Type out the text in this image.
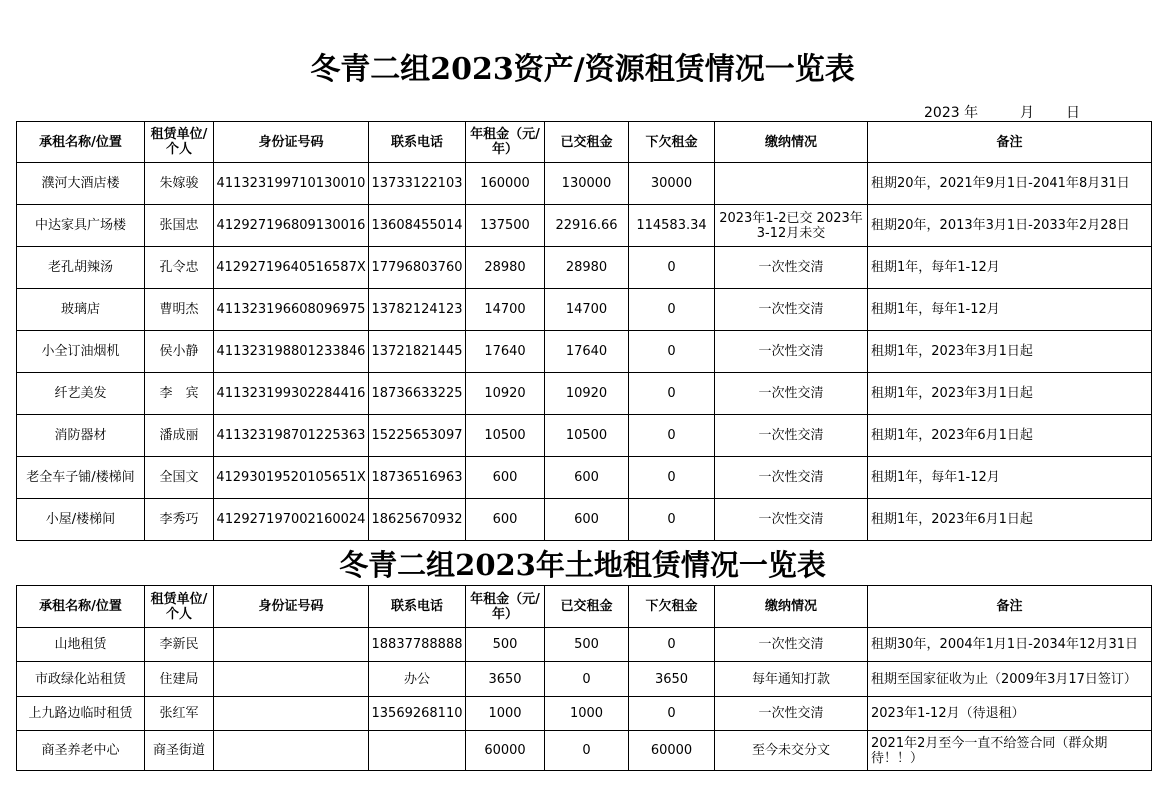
冬青二组2023资产/资源租赁情况一览表
2023 年	月 日
承租名称/位置	租赁单位/个人	身份证号码	联系电话	年租金（元/年）	已交租金	下欠租金	缴纳情况	备注
濮河大酒店楼	朱嫁骏	411323199710130010	13733122103	160000	130000	30000		租期20年，2021年9月1日-2041年8月31日
中达家具广场楼	张国忠	412927196809130016	13608455014	137500	22916.66	114583.34	2023年1-2已交 2023年3-12月未交	租期20年，2013年3月1日-2033年2月28日
老孔胡辣汤	孔令忠	41292719640516587X	17796803760	28980	28980	0	一次性交清	租期1年，每年1-12月
玻璃店	曹明杰	411323196608096975	13782124123	14700	14700	0	一次性交清	租期1年，每年1-12月
小全订油烟机	侯小静	411323198801233846	13721821445	17640	17640	0	一次性交清	租期1年，2023年3月1日起
纤艺美发	李　宾	411323199302284416	18736633225	10920	10920	0	一次性交清	租期1年，2023年3月1日起
消防器材	潘成丽	411323198701225363	15225653097	10500	10500	0	一次性交清	租期1年，2023年6月1日起
老全车子铺/楼梯间	全国文	41293019520105651X	18736516963	600	600	0	一次性交清	租期1年，每年1-12月
小屋/楼梯间	李秀巧	412927197002160024	18625670932	600	600	0	一次性交清	租期1年，2023年6月1日起
冬青二组2023年土地租赁情况一览表
承租名称/位置	租赁单位/个人	身份证号码	联系电话	年租金（元/年）	已交租金	下欠租金	缴纳情况	备注
山地租赁	李新民		18837788888	500	500	0	一次性交清	租期30年，2004年1月1日-2034年12月31日
市政绿化站租赁	住建局		办公	3650	0	3650	每年通知打款	租期至国家征收为止（2009年3月17日签订）
上九路边临时租赁	张红军		13569268110	1000	1000	0	一次性交清	2023年1-12月（待退租）
商圣养老中心	商圣街道			60000	0	60000	至今未交分文	2021年2月至今一直不给签合同（群众期待！！）
